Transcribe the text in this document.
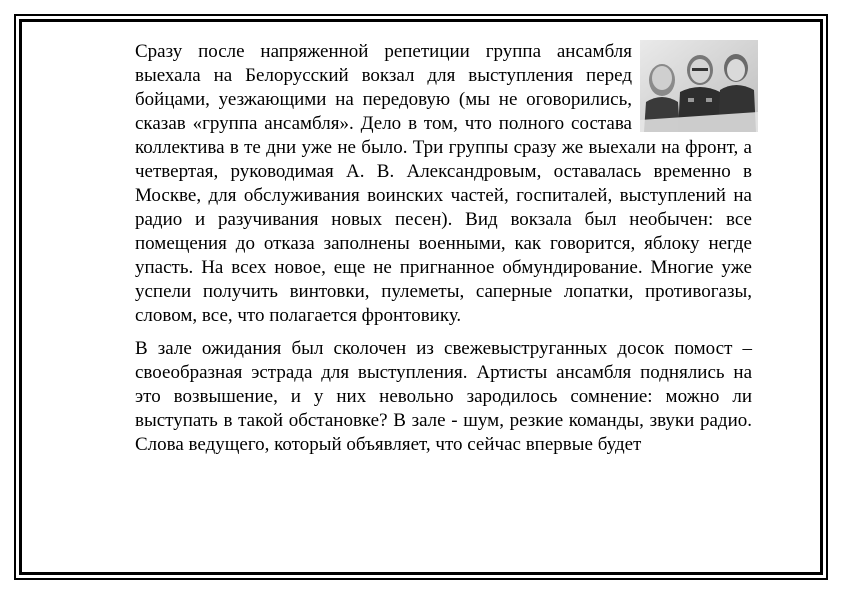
Сразу после напряженной репетиции группа ансамбля выехала на Белорусский вокзал для выступления перед бойцами, уезжающими на передовую (мы не оговорились, сказав «группа ансамбля». Дело в том, что полного состава коллектива в те дни уже не было. Три группы сразу же выехали на фронт, а четвертая, руководимая А. В. Александровым, оставалась временно в Москве, для обслуживания воинских частей, госпиталей, выступлений на радио и разучивания новых песен). Вид вокзала был необычен: все помещения до отказа заполнены военными, как говорится, яблоку негде упасть. На всех новое, еще не пригнанное обмундирование. Многие уже успели получить винтовки, пулеметы, саперные лопатки, противогазы, словом, все, что полагается фронтовику.

В зале ожидания был сколочен из свежевыструганных досок помост – своеобразная эстрада для выступления. Артисты ансамбля поднялись на это возвышение, и у них невольно зародилось сомнение: можно ли выступать в такой обстановке? В зале - шум, резкие команды, звуки радио. Слова ведущего, который объявляет, что сейчас впервые будет
